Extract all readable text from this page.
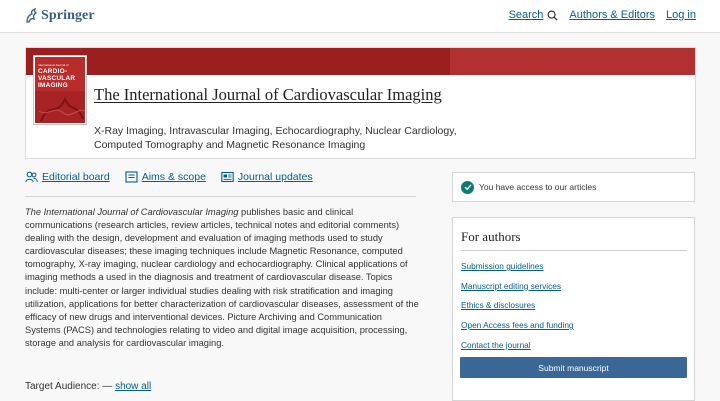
Springer	Search Authors & Editors Log in
International Journal of
CARDIO-
VASCULAR
IMAGING	The International Journal of Cardiovascular Imaging
X-Ray Imaging, Intravascular Imaging, Echocardiography, Nuclear Cardiology, Computed Tomography and Magnetic Resonance Imaging
Editorial board	Aims & scope	Journal updates

The International Journal of Cardiovascular Imaging publishes basic and clinical communications (research articles, review articles, technical notes and editorial comments) dealing with the design, development and evaluation of imaging methods used to study cardiovascular diseases; these imaging techniques include Magnetic Resonance, computed tomography, X-ray imaging, nuclear cardiology and echocardiography. Clinical applications of imaging methods a used in the diagnosis and treatment of cardiovascular disease. Topics include: multi-center or larger individual studies dealing with risk stratification and imaging utilization, applications for better characterization of cardiovascular diseases, assessment of the efficacy of new drugs and interventional devices. Picture Archiving and Communication Systems (PACS) and technologies relating to video and digital image acquisition, processing, storage and analysis for cardiovascular imaging.

Target Audience: — show all
You have access to our articles
For authors
Submission guidelines
Manuscript editing services
Ethics & disclosures
Open Access fees and funding
Contact the journal
Submit manuscript
